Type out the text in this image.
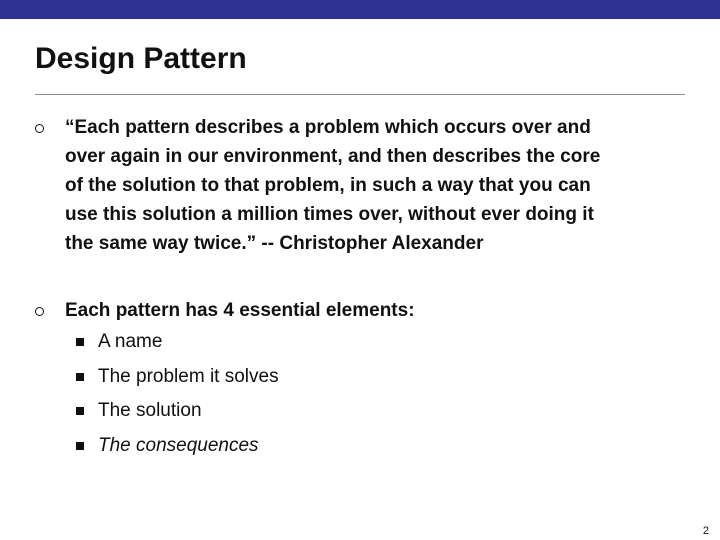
Design Pattern
“Each pattern describes a problem which occurs over and
over again in our environment, and then describes the core
of the solution to that problem, in such a way that you can
use this solution a million times over, without ever doing it
the same way twice.” -- Christopher Alexander
Each pattern has 4 essential elements:
A name
The problem it solves
The solution
The consequences
2
